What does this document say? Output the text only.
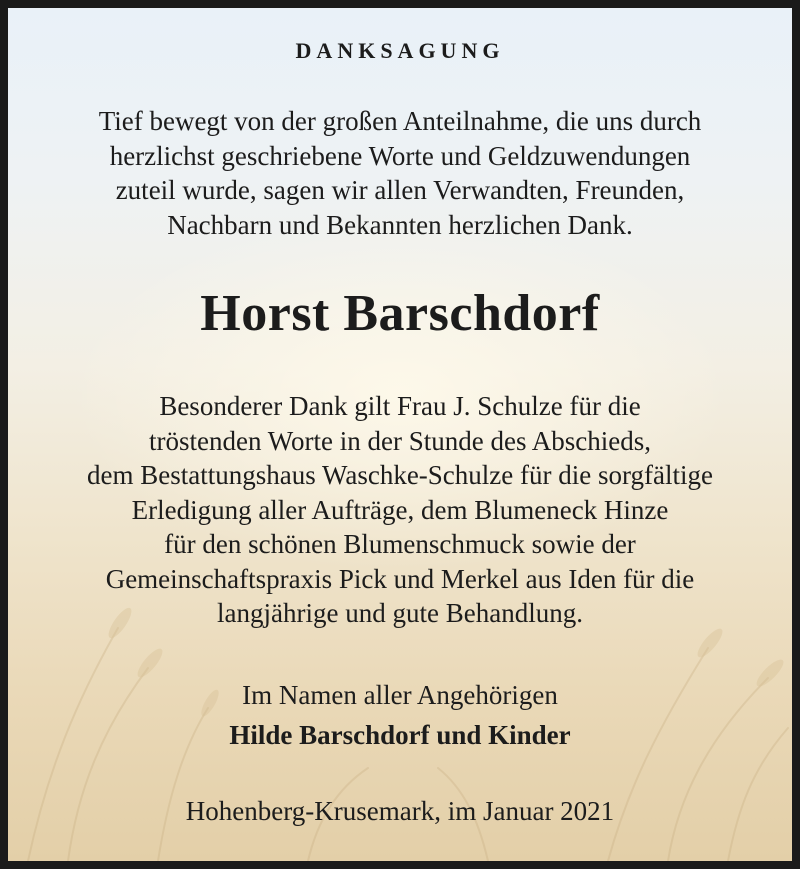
DANKSAGUNG
Tief bewegt von der großen Anteilnahme, die uns durch
herzlichst geschriebene Worte und Geldzuwendungen
zuteil wurde, sagen wir allen Verwandten, Freunden,
Nachbarn und Bekannten herzlichen Dank.
Horst Barschdorf
Besonderer Dank gilt Frau J. Schulze für die
tröstenden Worte in der Stunde des Abschieds,
dem Bestattungshaus Waschke-Schulze für die sorgfältige
Erledigung aller Aufträge, dem Blumeneck Hinze
für den schönen Blumenschmuck sowie der
Gemeinschaftspraxis Pick und Merkel aus Iden für die
langjährige und gute Behandlung.
Im Namen aller Angehörigen
Hilde Barschdorf und Kinder
Hohenberg-Krusemark, im Januar 2021
